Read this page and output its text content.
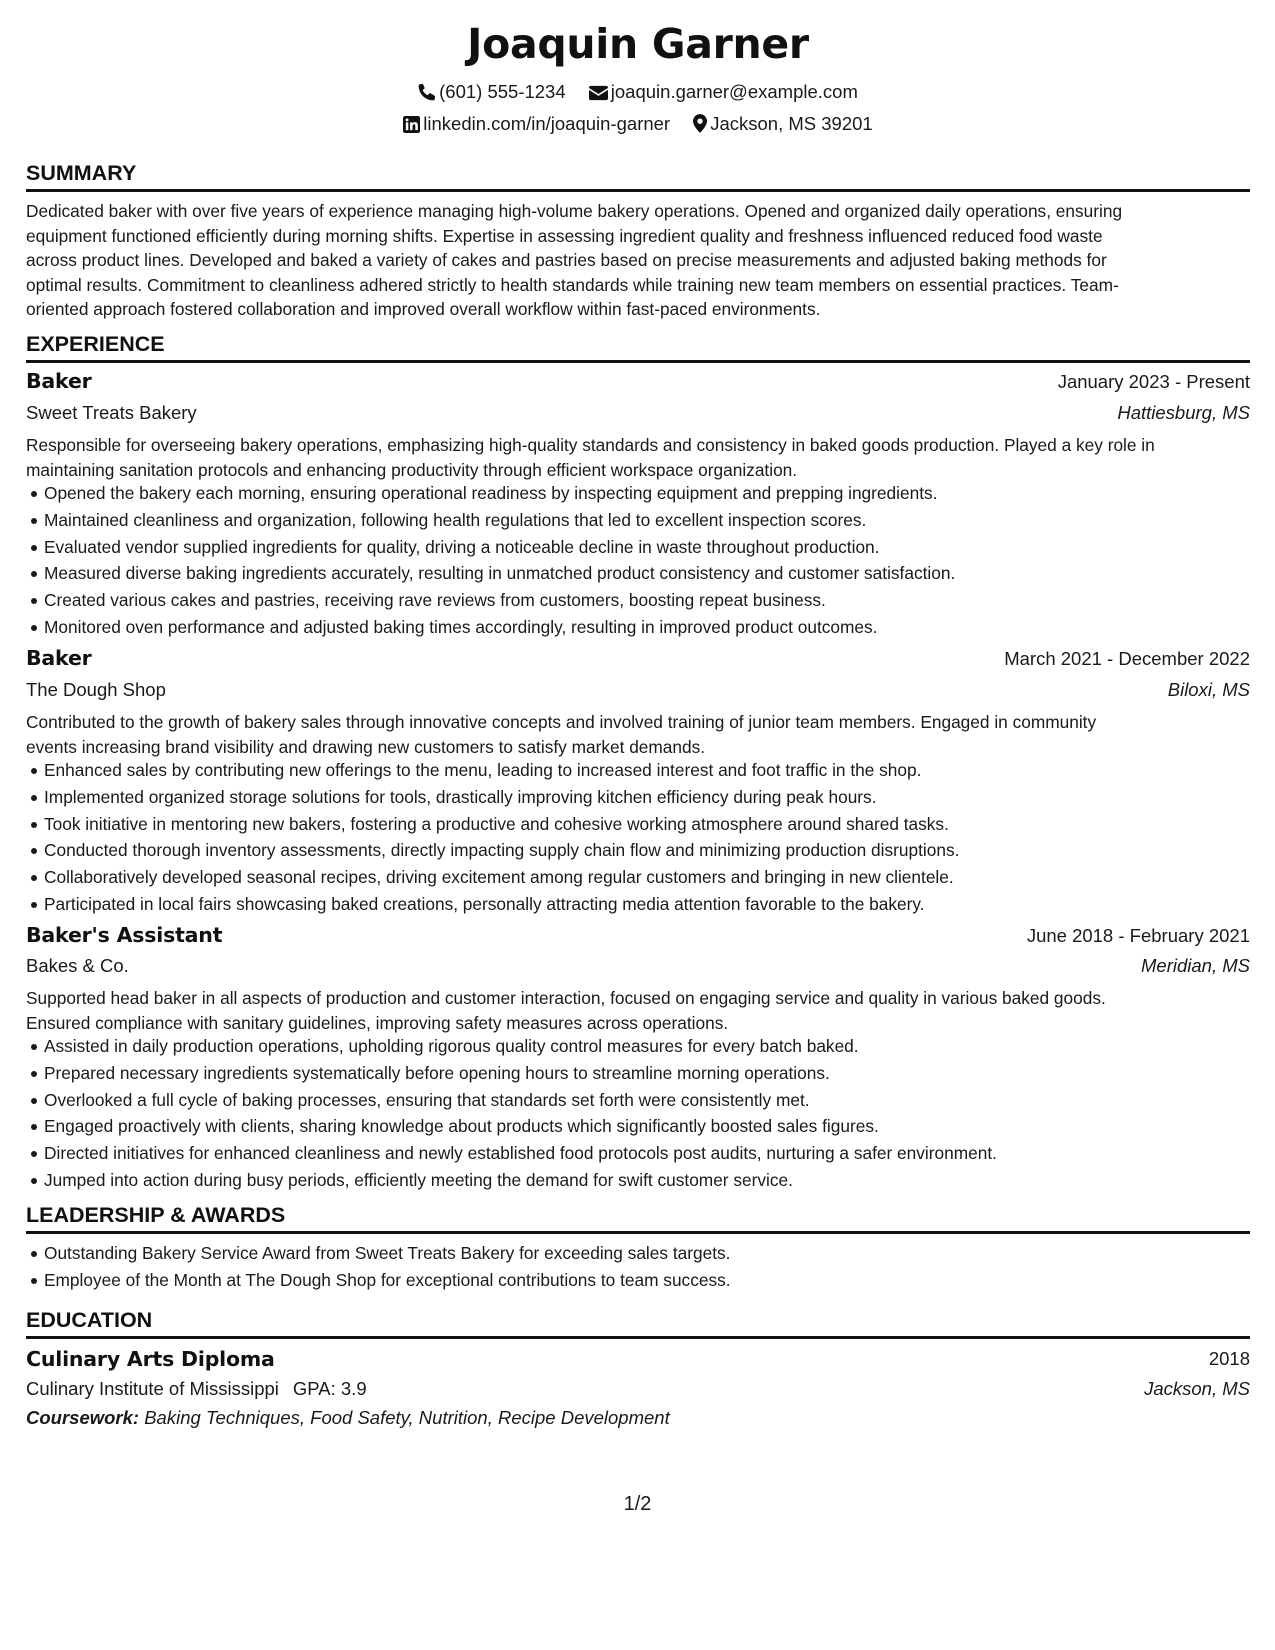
Joaquin Garner
(601) 555-1234 joaquin.garner@example.com
linkedin.com/in/joaquin-garner Jackson, MS 39201
SUMMARY
Dedicated baker with over five years of experience managing high-volume bakery operations. Opened and organized daily operations, ensuring
equipment functioned efficiently during morning shifts. Expertise in assessing ingredient quality and freshness influenced reduced food waste
across product lines. Developed and baked a variety of cakes and pastries based on precise measurements and adjusted baking methods for
optimal results. Commitment to cleanliness adhered strictly to health standards while training new team members on essential practices. Team-
oriented approach fostered collaboration and improved overall workflow within fast-paced environments.
EXPERIENCE
Baker	January 2023 - Present
Sweet Treats Bakery	Hattiesburg, MS
Responsible for overseeing bakery operations, emphasizing high-quality standards and consistency in baked goods production. Played a key role in
maintaining sanitation protocols and enhancing productivity through efficient workspace organization.
Opened the bakery each morning, ensuring operational readiness by inspecting equipment and prepping ingredients.
Maintained cleanliness and organization, following health regulations that led to excellent inspection scores.
Evaluated vendor supplied ingredients for quality, driving a noticeable decline in waste throughout production.
Measured diverse baking ingredients accurately, resulting in unmatched product consistency and customer satisfaction.
Created various cakes and pastries, receiving rave reviews from customers, boosting repeat business.
Monitored oven performance and adjusted baking times accordingly, resulting in improved product outcomes.
Baker	March 2021 - December 2022
The Dough Shop	Biloxi, MS
Contributed to the growth of bakery sales through innovative concepts and involved training of junior team members. Engaged in community
events increasing brand visibility and drawing new customers to satisfy market demands.
Enhanced sales by contributing new offerings to the menu, leading to increased interest and foot traffic in the shop.
Implemented organized storage solutions for tools, drastically improving kitchen efficiency during peak hours.
Took initiative in mentoring new bakers, fostering a productive and cohesive working atmosphere around shared tasks.
Conducted thorough inventory assessments, directly impacting supply chain flow and minimizing production disruptions.
Collaboratively developed seasonal recipes, driving excitement among regular customers and bringing in new clientele.
Participated in local fairs showcasing baked creations, personally attracting media attention favorable to the bakery.
Baker's Assistant	June 2018 - February 2021
Bakes & Co.	Meridian, MS
Supported head baker in all aspects of production and customer interaction, focused on engaging service and quality in various baked goods.
Ensured compliance with sanitary guidelines, improving safety measures across operations.
Assisted in daily production operations, upholding rigorous quality control measures for every batch baked.
Prepared necessary ingredients systematically before opening hours to streamline morning operations.
Overlooked a full cycle of baking processes, ensuring that standards set forth were consistently met.
Engaged proactively with clients, sharing knowledge about products which significantly boosted sales figures.
Directed initiatives for enhanced cleanliness and newly established food protocols post audits, nurturing a safer environment.
Jumped into action during busy periods, efficiently meeting the demand for swift customer service.
LEADERSHIP & AWARDS
Outstanding Bakery Service Award from Sweet Treats Bakery for exceeding sales targets.
Employee of the Month at The Dough Shop for exceptional contributions to team success.
EDUCATION
Culinary Arts Diploma	2018
Culinary Institute of Mississippi GPA: 3.9	Jackson, MS
Coursework: Baking Techniques, Food Safety, Nutrition, Recipe Development
1/2
